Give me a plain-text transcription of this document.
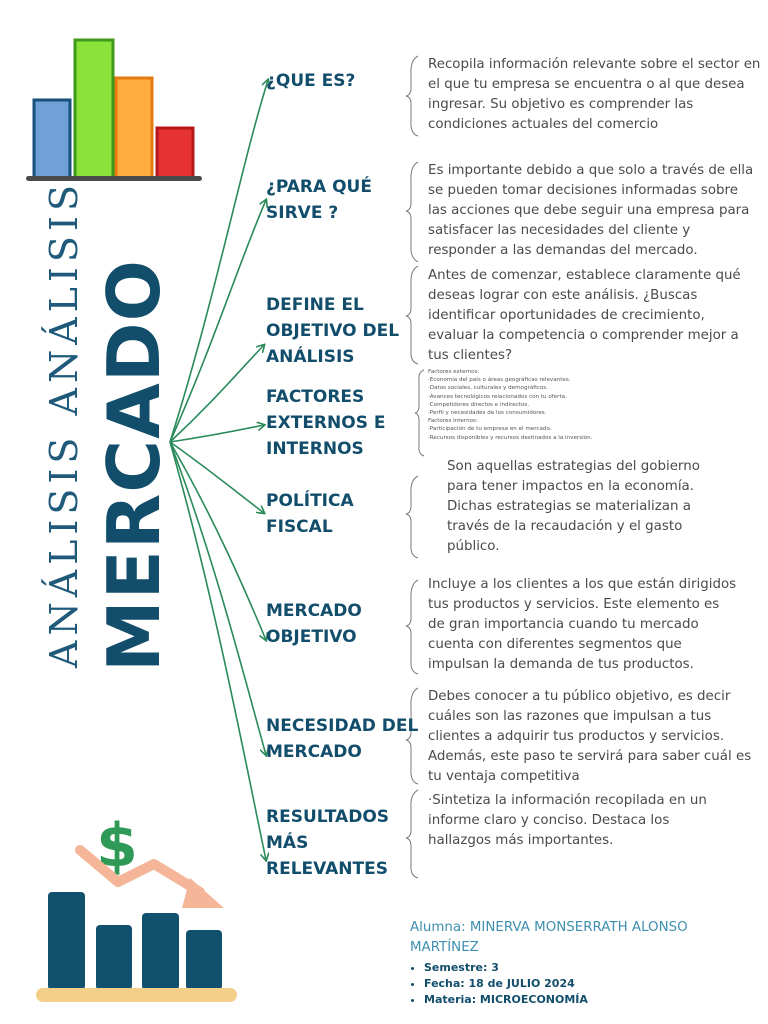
ANÁLISIS ANÁLISIS MERCADO
¿QUE ES?
¿PARA QUÉ SIRVE ?
DEFINE EL OBJETIVO DEL ANÁLISIS
FACTORES EXTERNOS E INTERNOS
POLÍTICA FISCAL
MERCADO OBJETIVO
NECESIDAD DEL MERCADO
RESULTADOS MÁS RELEVANTES
Recopila información relevante sobre el sector en el que tu empresa se encuentra o al que desea ingresar. Su objetivo es comprender las condiciones actuales del comercio
Es importante debido a que solo a través de ella se pueden tomar decisiones informadas sobre las acciones que debe seguir una empresa para satisfacer las necesidades del cliente y responder a las demandas del mercado.
Antes de comenzar, establece claramente qué deseas lograr con este análisis. ¿Buscas identificar oportunidades de crecimiento, evaluar la competencia o comprender mejor a tus clientes?
Factores externos:
·Economía del país o áreas geográficas relevantes.
·Datos sociales, culturales y demográficos.
·Avances tecnológicos relacionados con tu oferta.
·Competidores directos e indirectos.
·Perfil y necesidades de los consumidores.
Factores internos:
·Participación de tu empresa en el mercado.
·Recursos disponibles y recursos destinados a la inversión.
Son aquellas estrategias del gobierno para tener impactos en la economía. Dichas estrategias se materializan a través de la recaudación y el gasto público.
Incluye a los clientes a los que están dirigidos tus productos y servicios. Este elemento es de gran importancia cuando tu mercado cuenta con diferentes segmentos que impulsan la demanda de tus productos.
Debes conocer a tu público objetivo, es decir cuáles son las razones que impulsan a tus clientes a adquirir tus productos y servicios. Además, este paso te servirá para saber cuál es tu ventaja competitiva
·Sintetiza la información recopilada en un informe claro y conciso. Destaca los hallazgos más importantes.
$
Alumna: MINERVA MONSERRATH ALONSO MARTÍNEZ
• Semestre: 3
• Fecha: 18 de JULIO 2024
• Materia: MICROECONOMÍA
